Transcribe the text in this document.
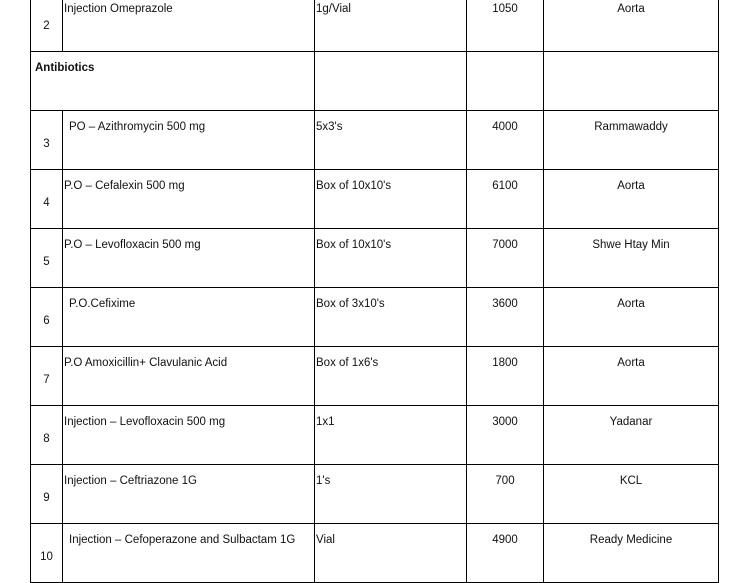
2	Injection Omeprazole	1g/Vial	1050	Aorta
Antibiotics				
3	PO – Azithromycin 500 mg	5x3's	4000	Rammawaddy
4	P.O – Cefalexin 500 mg	Box of 10x10's	6100	Aorta
5	P.O – Levofloxacin 500 mg	Box of 10x10's	7000	Shwe Htay Min
6	P.O.Cefixime	Box of 3x10's	3600	Aorta
7	P.O Amoxicillin+ Clavulanic Acid	Box of 1x6's	1800	Aorta
8	Injection – Levofloxacin 500 mg	1x1	3000	Yadanar
9	Injection – Ceftriazone 1G	1's	700	KCL
10	Injection – Cefoperazone and Sulbactam 1G	Vial	4900	Ready Medicine
